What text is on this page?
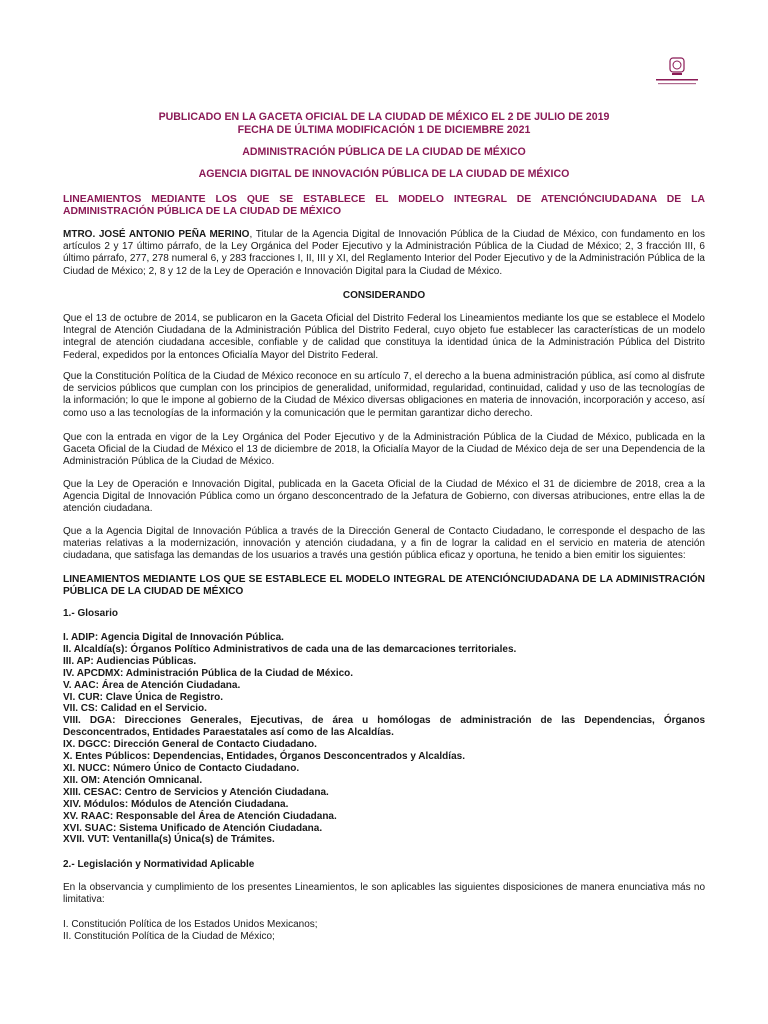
PUBLICADO EN LA GACETA OFICIAL DE LA CIUDAD DE MÉXICO EL 2 DE JULIO DE 2019
FECHA DE ÚLTIMA MODIFICACIÓN 1 DE DICIEMBRE 2021
ADMINISTRACIÓN PÚBLICA DE LA CIUDAD DE MÉXICO
AGENCIA DIGITAL DE INNOVACIÓN PÚBLICA DE LA CIUDAD DE MÉXICO
LINEAMIENTOS MEDIANTE LOS QUE SE ESTABLECE EL MODELO INTEGRAL DE ATENCIÓNCIUDADANA DE LA ADMINISTRACIÓN PÚBLICA DE LA CIUDAD DE MÉXICO
MTRO. JOSÉ ANTONIO PEÑA MERINO, Titular de la Agencia Digital de Innovación Pública de la Ciudad de México, con fundamento en los artículos 2 y 17 último párrafo, de la Ley Orgánica del Poder Ejecutivo y la Administración Pública de la Ciudad de México; 2, 3 fracción III, 6 último párrafo, 277, 278 numeral 6, y 283 fracciones I, II, III y XI, del Reglamento Interior del Poder Ejecutivo y de la Administración Pública de la Ciudad de México; 2, 8 y 12 de la Ley de Operación e Innovación Digital para la Ciudad de México.
CONSIDERANDO
Que el 13 de octubre de 2014, se publicaron en la Gaceta Oficial del Distrito Federal los Lineamientos mediante los que se establece el Modelo Integral de Atención Ciudadana de la Administración Pública del Distrito Federal, cuyo objeto fue establecer las características de un modelo integral de atención ciudadana accesible, confiable y de calidad que constituya la identidad única de la Administración Pública del Distrito Federal, expedidos por la entonces Oficialía Mayor del Distrito Federal.
Que la Constitución Política de la Ciudad de México reconoce en su artículo 7, el derecho a la buena administración pública, así como al disfrute de servicios públicos que cumplan con los principios de generalidad, uniformidad, regularidad, continuidad, calidad y uso de las tecnologías de la información; lo que le impone al gobierno de la Ciudad de México diversas obligaciones en materia de innovación, incorporación y acceso, así como uso a las tecnologías de la información y la comunicación que le permitan garantizar dicho derecho.
Que con la entrada en vigor de la Ley Orgánica del Poder Ejecutivo y de la Administración Pública de la Ciudad de México, publicada en la Gaceta Oficial de la Ciudad de México el 13 de diciembre de 2018, la Oficialía Mayor de la Ciudad de México deja de ser una Dependencia de la Administración Pública de la Ciudad de México.
Que la Ley de Operación e Innovación Digital, publicada en la Gaceta Oficial de la Ciudad de México el 31 de diciembre de 2018, crea a la Agencia Digital de Innovación Pública como un órgano desconcentrado de la Jefatura de Gobierno, con diversas atribuciones, entre ellas la de atención ciudadana.
Que a la Agencia Digital de Innovación Pública a través de la Dirección General de Contacto Ciudadano, le corresponde el despacho de las materias relativas a la modernización, innovación y atención ciudadana, y a fin de lograr la calidad en el servicio en materia de atención ciudadana, que satisfaga las demandas de los usuarios a través una gestión pública eficaz y oportuna, he tenido a bien emitir los siguientes:
LINEAMIENTOS MEDIANTE LOS QUE SE ESTABLECE EL MODELO INTEGRAL DE ATENCIÓNCIUDADANA DE LA ADMINISTRACIÓN PÚBLICA DE LA CIUDAD DE MÉXICO
1.- Glosario
I. ADIP: Agencia Digital de Innovación Pública.
II. Alcaldía(s): Órganos Político Administrativos de cada una de las demarcaciones territoriales.
III. AP: Audiencias Públicas.
IV. APCDMX: Administración Pública de la Ciudad de México.
V. AAC: Área de Atención Ciudadana.
VI. CUR: Clave Única de Registro.
VII. CS: Calidad en el Servicio.
VIII. DGA: Direcciones Generales, Ejecutivas, de área u homólogas de administración de las Dependencias, Órganos Desconcentrados, Entidades Paraestatales así como de las Alcaldías.
IX. DGCC: Dirección General de Contacto Ciudadano.
X. Entes Públicos: Dependencias, Entidades, Órganos Desconcentrados y Alcaldías.
XI. NUCC: Número Único de Contacto Ciudadano.
XII. OM: Atención Omnicanal.
XIII. CESAC: Centro de Servicios y Atención Ciudadana.
XIV. Módulos: Módulos de Atención Ciudadana.
XV. RAAC: Responsable del Área de Atención Ciudadana.
XVI. SUAC: Sistema Unificado de Atención Ciudadana.
XVII. VUT: Ventanilla(s) Única(s) de Trámites.
2.- Legislación y Normatividad Aplicable
En la observancia y cumplimiento de los presentes Lineamientos, le son aplicables las siguientes disposiciones de manera enunciativa más no limitativa:
I. Constitución Política de los Estados Unidos Mexicanos;
II. Constitución Política de la Ciudad de México;
